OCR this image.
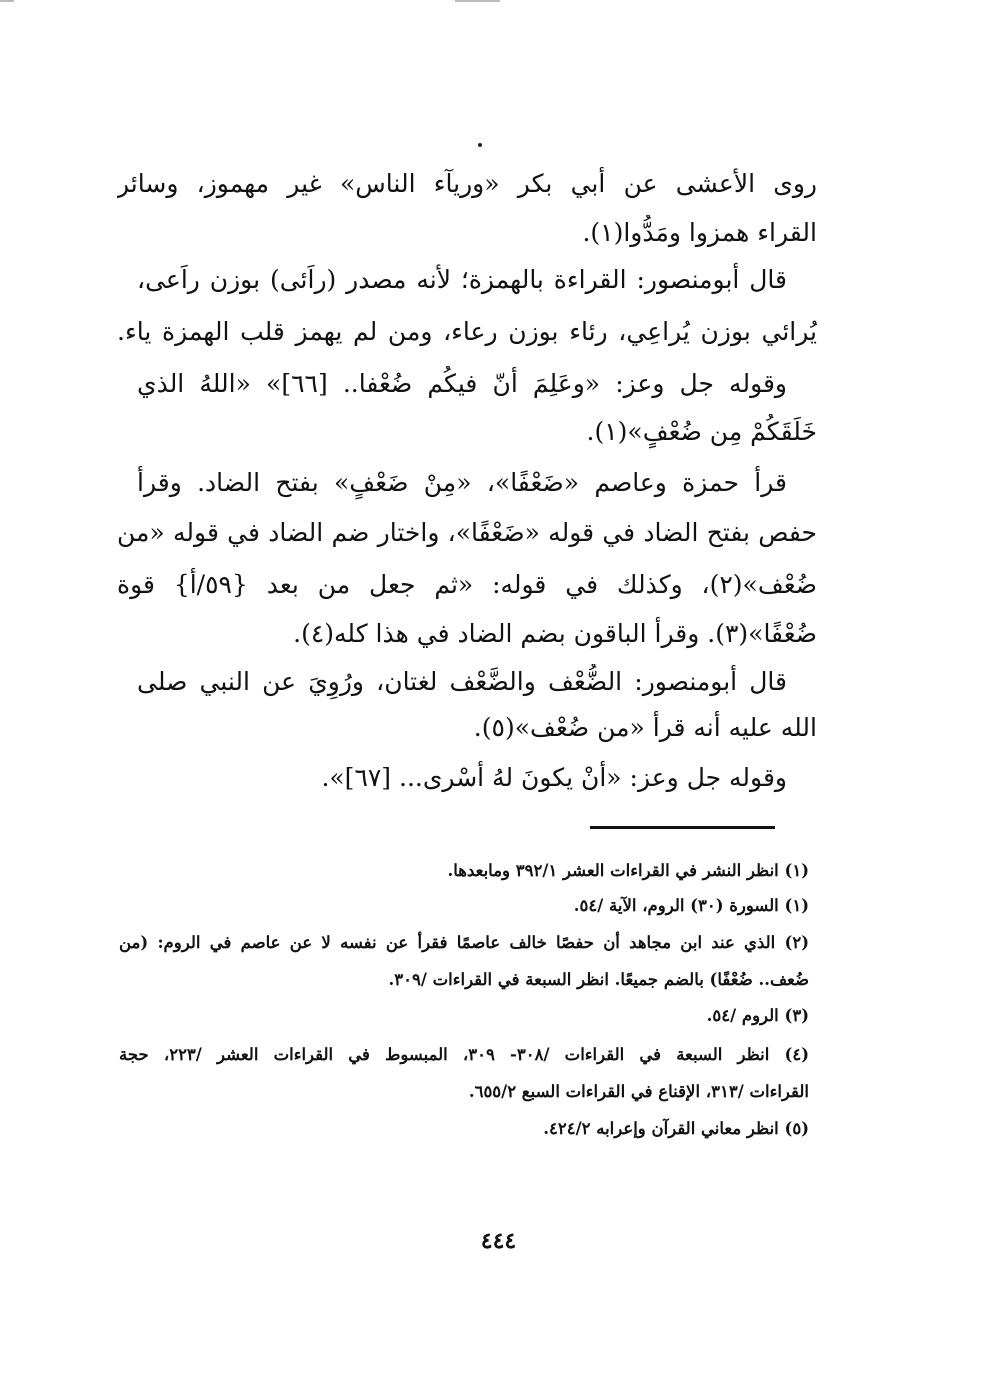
روى الأعشى عن أبي بكر «وريآء الناس» غير مهموز، وسائر
القراء همزوا ومَدُّوا(١).
قال أبومنصور: القراءة بالهمزة؛ لأنه مصدر (راَئى) بوزن راَعى،
يُرائي بوزن يُراعِي، رئاء بوزن رعاء، ومن لم يهمز قلب الهمزة ياء.
وقوله جل وعز: «وعَلِمَ أنّ فيكُم ضُعْفا.. [٦٦]» «اللهُ الذي
خَلَقَكُمْ مِن ضُعْفٍ»(١).
قرأ حمزة وعاصم «ضَعْفًا»، «مِنْ ضَعْفٍ» بفتح الضاد. وقرأ
حفص بفتح الضاد في قوله «ضَعْفًا»، واختار ضم الضاد في قوله «من
ضُعْف»(٢)، وكذلك في قوله: «ثم جعل من بعد {٥٩/أ} قوة
ضُعْفًا»(٣). وقرأ الباقون بضم الضاد في هذا كله(٤).
قال أبومنصور: الضُّعْف والضَّعْف لغتان، ورُوِيَ عن النبي صلى
الله عليه أنه قرأ «من ضُعْف»(٥).
وقوله جل وعز: «أنْ يكونَ لهُ أسْرى... [٦٧]».
(١) انظر النشر في القراءات العشر ٣٩٢/١ ومابعدها.
(١) السورة (٣٠) الروم، الآية /٥٤.
(٢) الذي عند ابن مجاهد أن حفصًا خالف عاصمًا فقرأ عن نفسه لا عن عاصم في الروم: (من
ضُعف.. ضُعْفًا) بالضم جميعًا. انظر السبعة في القراءات /٣٠٩.
(٣) الروم /٥٤.
(٤) انظر السبعة في القراءات /٣٠٨- ٣٠٩، المبسوط في القراءات العشر /٢٢٣، حجة
القراءات /٣١٣، الإقناع في القراءات السبع ٦٥٥/٢.
(٥) انظر معاني القرآن وإعرابه ٤٢٤/٢.
٤٤٤
